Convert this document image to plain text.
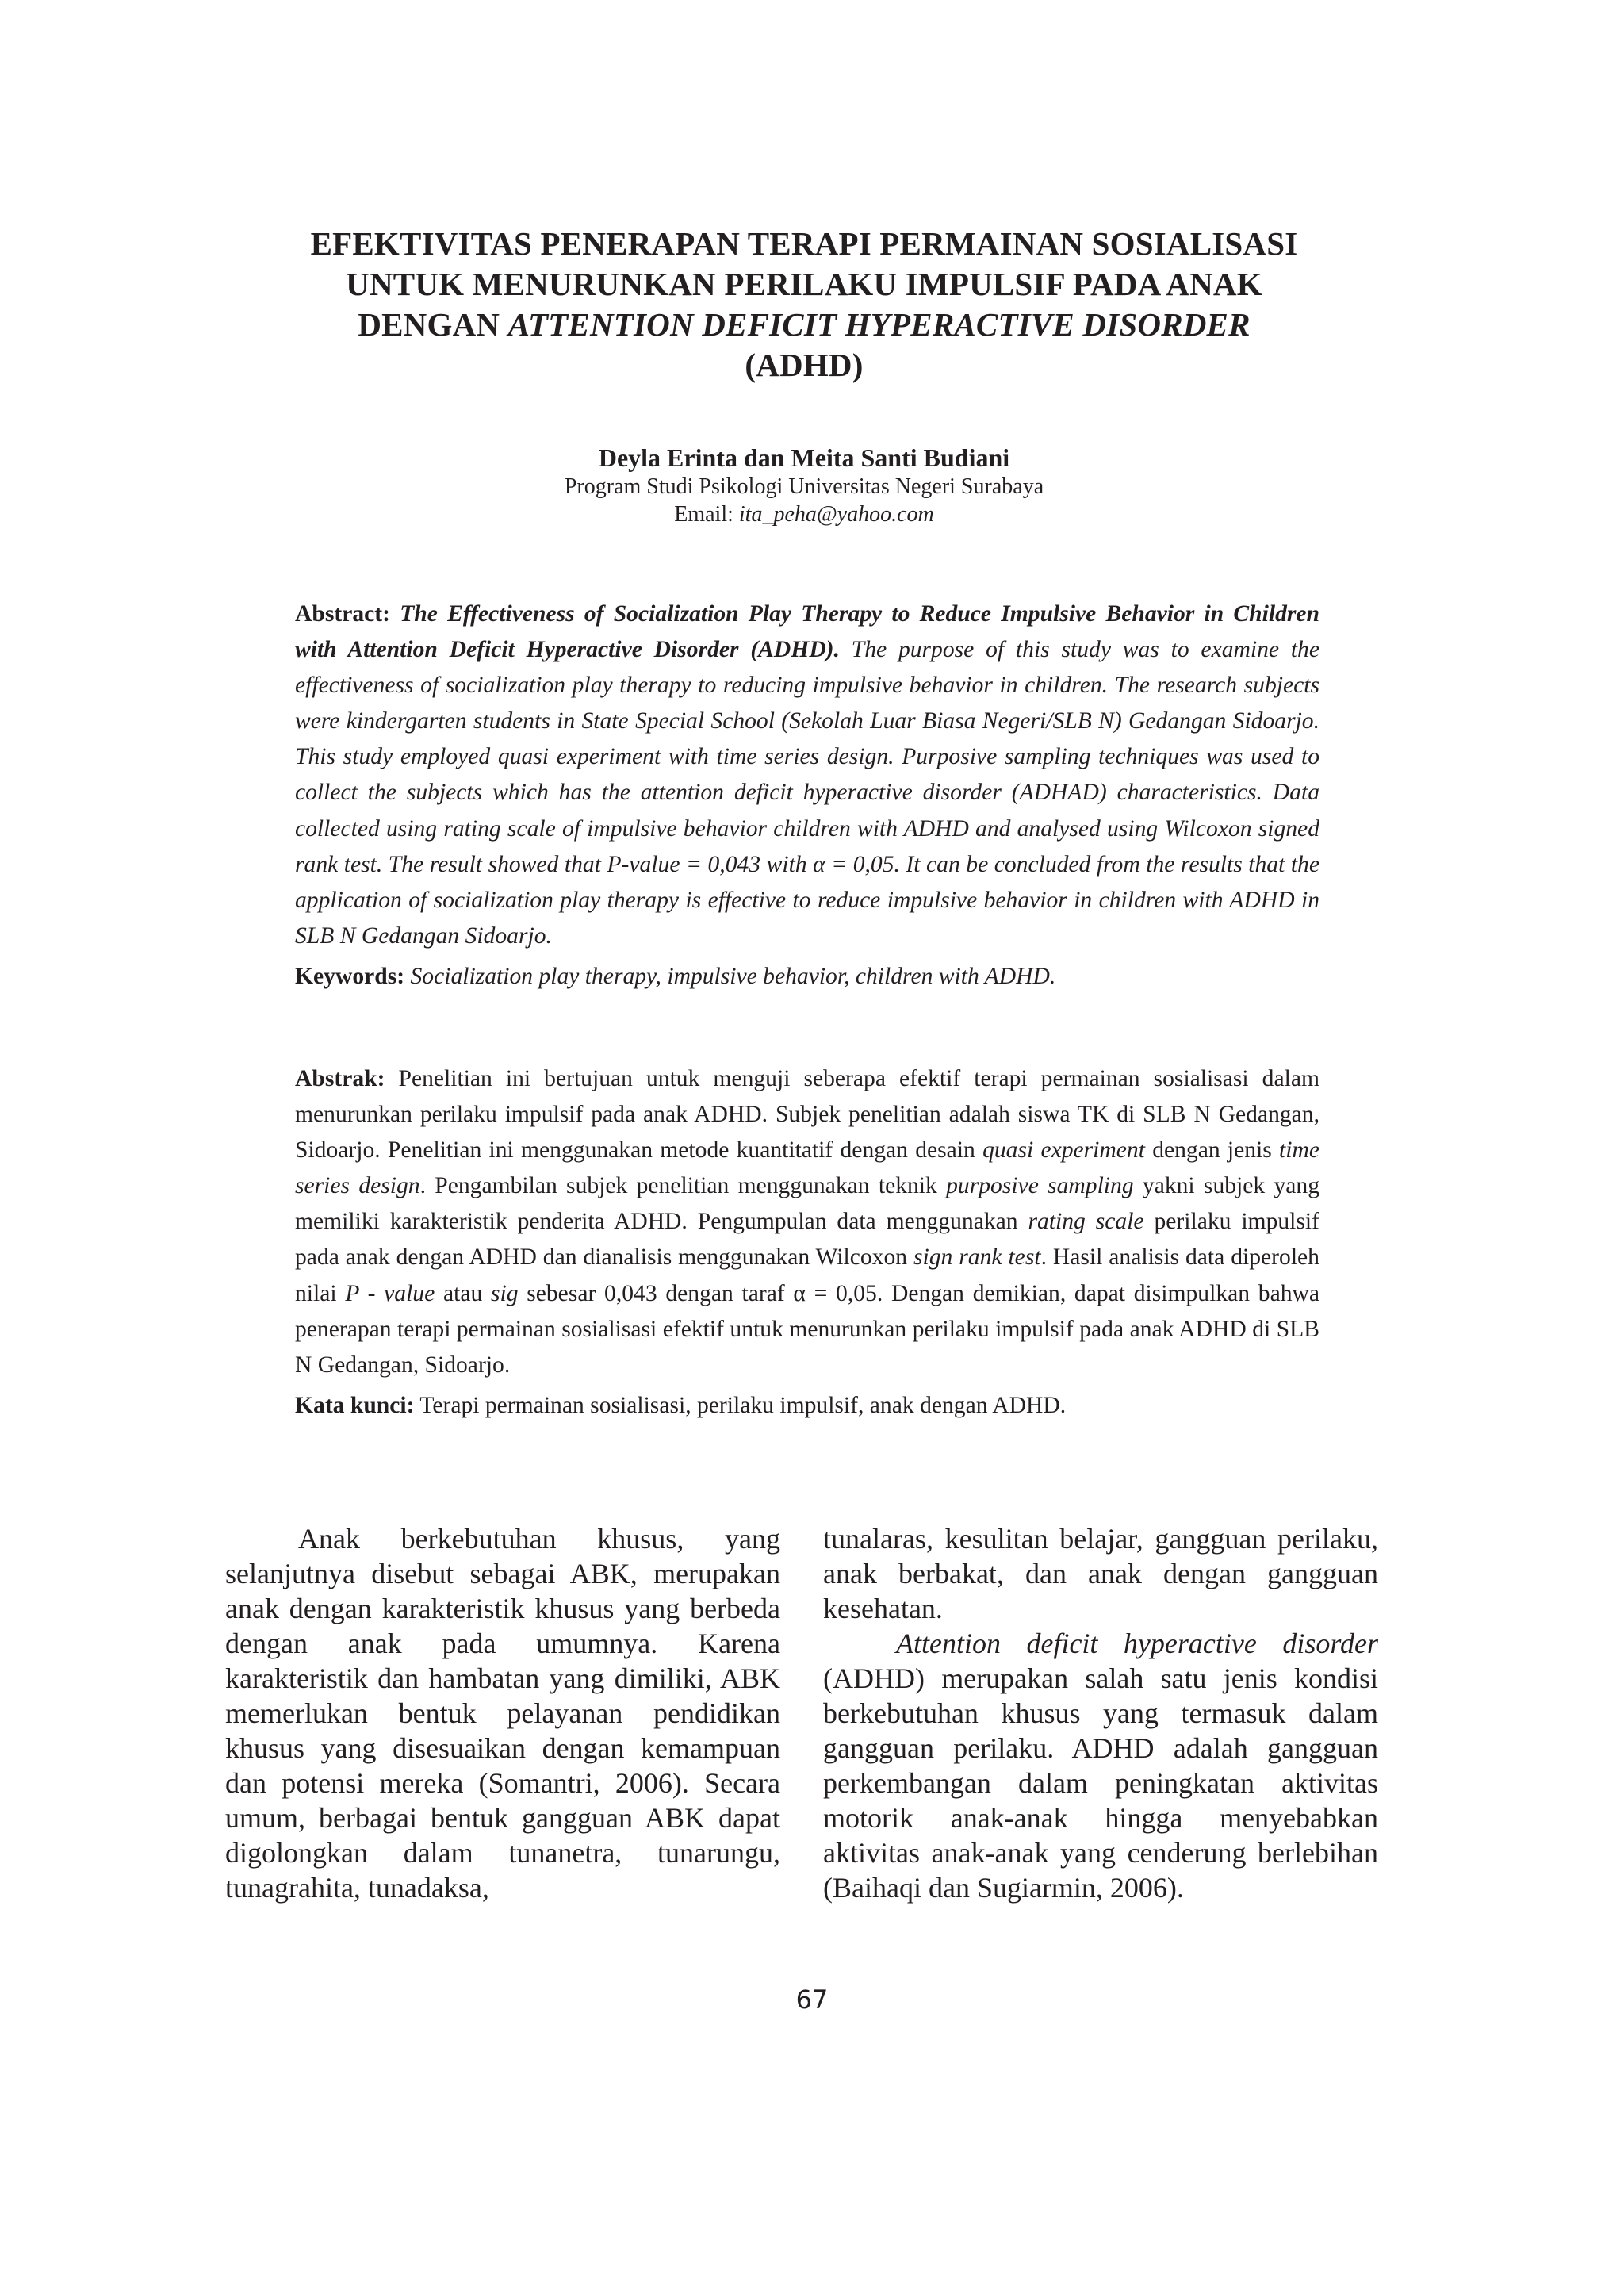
EFEKTIVITAS PENERAPAN TERAPI PERMAINAN SOSIALISASI
UNTUK MENURUNKAN PERILAKU IMPULSIF PADA ANAK
DENGAN ATTENTION DEFICIT HYPERACTIVE DISORDER
(ADHD)
Deyla Erinta dan Meita Santi Budiani
Program Studi Psikologi Universitas Negeri Surabaya
Email: ita_peha@yahoo.com
Abstract: The Effectiveness of Socialization Play Therapy to Reduce Impulsive Behavior in Children with Attention Deficit Hyperactive Disorder (ADHD). The purpose of this study was to examine the effectiveness of socialization play therapy to reducing impulsive behavior in children. The research subjects were kindergarten students in State Special School (Sekolah Luar Biasa Negeri/SLB N) Gedangan Sidoarjo. This study employed quasi experiment with time series design. Purposive sampling techniques was used to collect the subjects which has the attention deficit hyperactive disorder (ADHAD) characteristics. Data collected using rating scale of impulsive behavior children with ADHD and analysed using Wilcoxon signed rank test. The result showed that P-value = 0,043 with α = 0,05. It can be concluded from the results that the application of socialization play therapy is effective to reduce impulsive behavior in children with ADHD in SLB N Gedangan Sidoarjo.
Keywords: Socialization play therapy, impulsive behavior, children with ADHD.
Abstrak: Penelitian ini bertujuan untuk menguji seberapa efektif terapi permainan sosialisasi dalam menurunkan perilaku impulsif pada anak ADHD. Subjek penelitian adalah siswa TK di SLB N Gedangan, Sidoarjo. Penelitian ini menggunakan metode kuantitatif dengan desain quasi experiment dengan jenis time series design. Pengambilan subjek penelitian menggunakan teknik purposive sampling yakni subjek yang memiliki karakteristik penderita ADHD. Pengumpulan data menggunakan rating scale perilaku impulsif pada anak dengan ADHD dan dianalisis menggunakan Wilcoxon sign rank test. Hasil analisis data diperoleh nilai P - value atau sig sebesar 0,043 dengan taraf α = 0,05. Dengan demikian, dapat disimpulkan bahwa penerapan terapi permainan sosialisasi efektif untuk menurunkan perilaku impulsif pada anak ADHD di SLB N Gedangan, Sidoarjo.
Kata kunci: Terapi permainan sosialisasi, perilaku impulsif, anak dengan ADHD.
Anak berkebutuhan khusus, yang selanjutnya disebut sebagai ABK, merupakan anak dengan karakteristik khusus yang berbeda dengan anak pada umumnya. Karena karakteristik dan hambatan yang dimiliki, ABK memerlukan bentuk pelayanan pendidikan khusus yang disesuaikan dengan kemampuan dan potensi mereka (Somantri, 2006). Secara umum, berbagai bentuk gangguan ABK dapat digolongkan dalam tunanetra, tunarungu, tunagrahita, tunadaksa,
tunalaras, kesulitan belajar, gangguan perilaku, anak berbakat, dan anak dengan gangguan kesehatan.
Attention deficit hyperactive disorder (ADHD) merupakan salah satu jenis kondisi berkebutuhan khusus yang termasuk dalam gangguan perilaku. ADHD adalah gangguan perkembangan dalam peningkatan aktivitas motorik anak-anak hingga menyebabkan aktivitas anak-anak yang cenderung berlebihan (Baihaqi dan Sugiarmin, 2006).
67
